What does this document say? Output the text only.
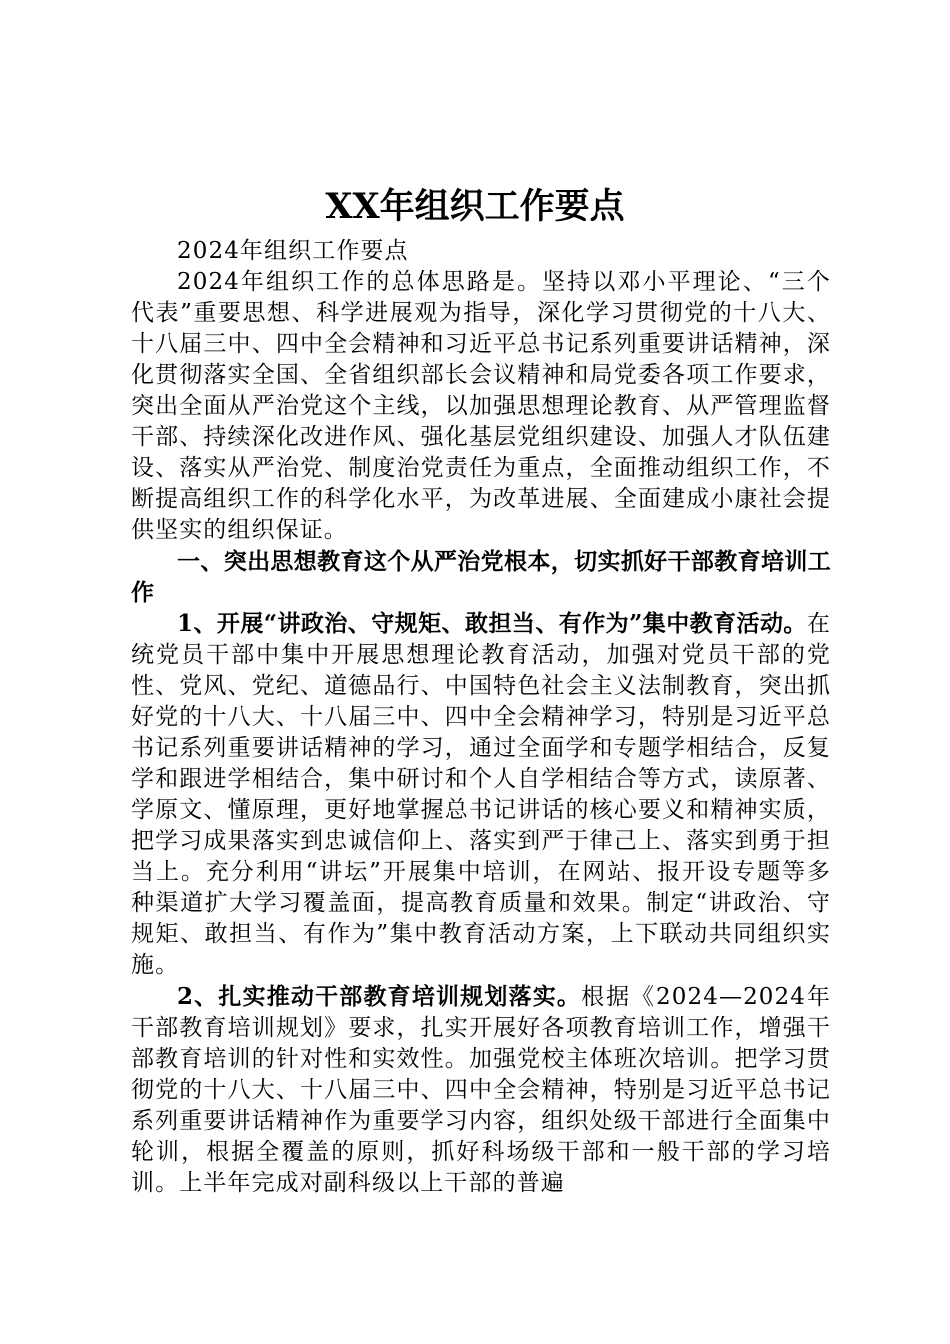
XX年组织工作要点

2024年组织工作要点

2024年组织工作的总体思路是。坚持以邓小平理论、“三个代表”重要思想、科学进展观为指导，深化学习贯彻党的十八大、十八届三中、四中全会精神和习近平总书记系列重要讲话精神，深化贯彻落实全国、全省组织部长会议精神和局党委各项工作要求，突出全面从严治党这个主线，以加强思想理论教育、从严管理监督干部、持续深化改进作风、强化基层党组织建设、加强人才队伍建设、落实从严治党、制度治党责任为重点，全面推动组织工作，不断提高组织工作的科学化水平，为改革进展、全面建成小康社会提供坚实的组织保证。

一、突出思想教育这个从严治党根本，切实抓好干部教育培训工作

1、开展“讲政治、守规矩、敢担当、有作为”集中教育活动。在统党员干部中集中开展思想理论教育活动，加强对党员干部的党性、党风、党纪、道德品行、中国特色社会主义法制教育，突出抓好党的十八大、十八届三中、四中全会精神学习，特别是习近平总书记系列重要讲话精神的学习，通过全面学和专题学相结合，反复学和跟进学相结合，集中研讨和个人自学相结合等方式，读原著、学原文、懂原理，更好地掌握总书记讲话的核心要义和精神实质，把学习成果落实到忠诚信仰上、落实到严于律己上、落实到勇于担当上。充分利用“讲坛”开展集中培训，在网站、报开设专题等多种渠道扩大学习覆盖面，提高教育质量和效果。制定“讲政治、守规矩、敢担当、有作为”集中教育活动方案，上下联动共同组织实施。

2、扎实推动干部教育培训规划落实。根据《2024—2024年干部教育培训规划》要求，扎实开展好各项教育培训工作，增强干部教育培训的针对性和实效性。加强党校主体班次培训。把学习贯彻党的十八大、十八届三中、四中全会精神，特别是习近平总书记系列重要讲话精神作为重要学习内容，组织处级干部进行全面集中轮训，根据全覆盖的原则，抓好科场级干部和一般干部的学习培训。上半年完成对副科级以上干部的普遍
